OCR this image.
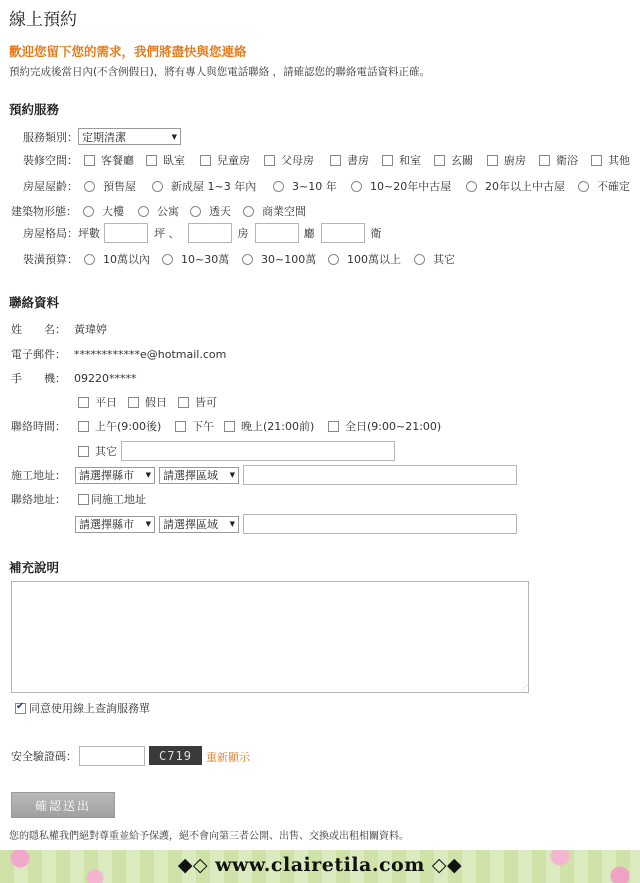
線上預約
歡迎您留下您的需求，我們將盡快與您連絡
預約完成後當日內(不含例假日)，將有專人與您電話聯絡 ，請確認您的聯絡電話資料正確。
預約服務
服務類別： 定期清潔	▼
裝修空間： 客餐廳	臥室	兒童房	父母房	書房	和室	玄關	廚房	衛浴	其他
房屋屋齡： 預售屋	新成屋 1~3 年內	3~10 年	10~20年中古屋	20年以上中古屋	不確定
建築物形態： 大樓	公寓	透天	商業空間
房屋格局： 坪數	坪 、	房	廳	衛
裝潢預算： 10萬以內	10~30萬	30~100萬	100萬以上	其它
聯絡資料
姓　　名： 黃瑋婷
電子郵件： ************e@hotmail.com
手　　機： 09220*****
平日	假日	皆可
聯絡時間：	上午(9:00後)	下午 晚上(21:00前)	全日(9:00~21:00)
其它
施工地址：	請選擇縣市 ▼ 請選擇區域 ▼
聯絡地址：	同施工地址
請選擇縣市 ▼ 請選擇區域 ▼
補充說明
⋰
✔
同意使用線上查詢服務單
安全驗證碼：	C719	重新顯示
確認送出
您的隱私權我們絕對尊重並給予保護，絕不會向第三者公開、出售、交換或出租相關資料。
◆◇ www.clairetila.com ◇◆
